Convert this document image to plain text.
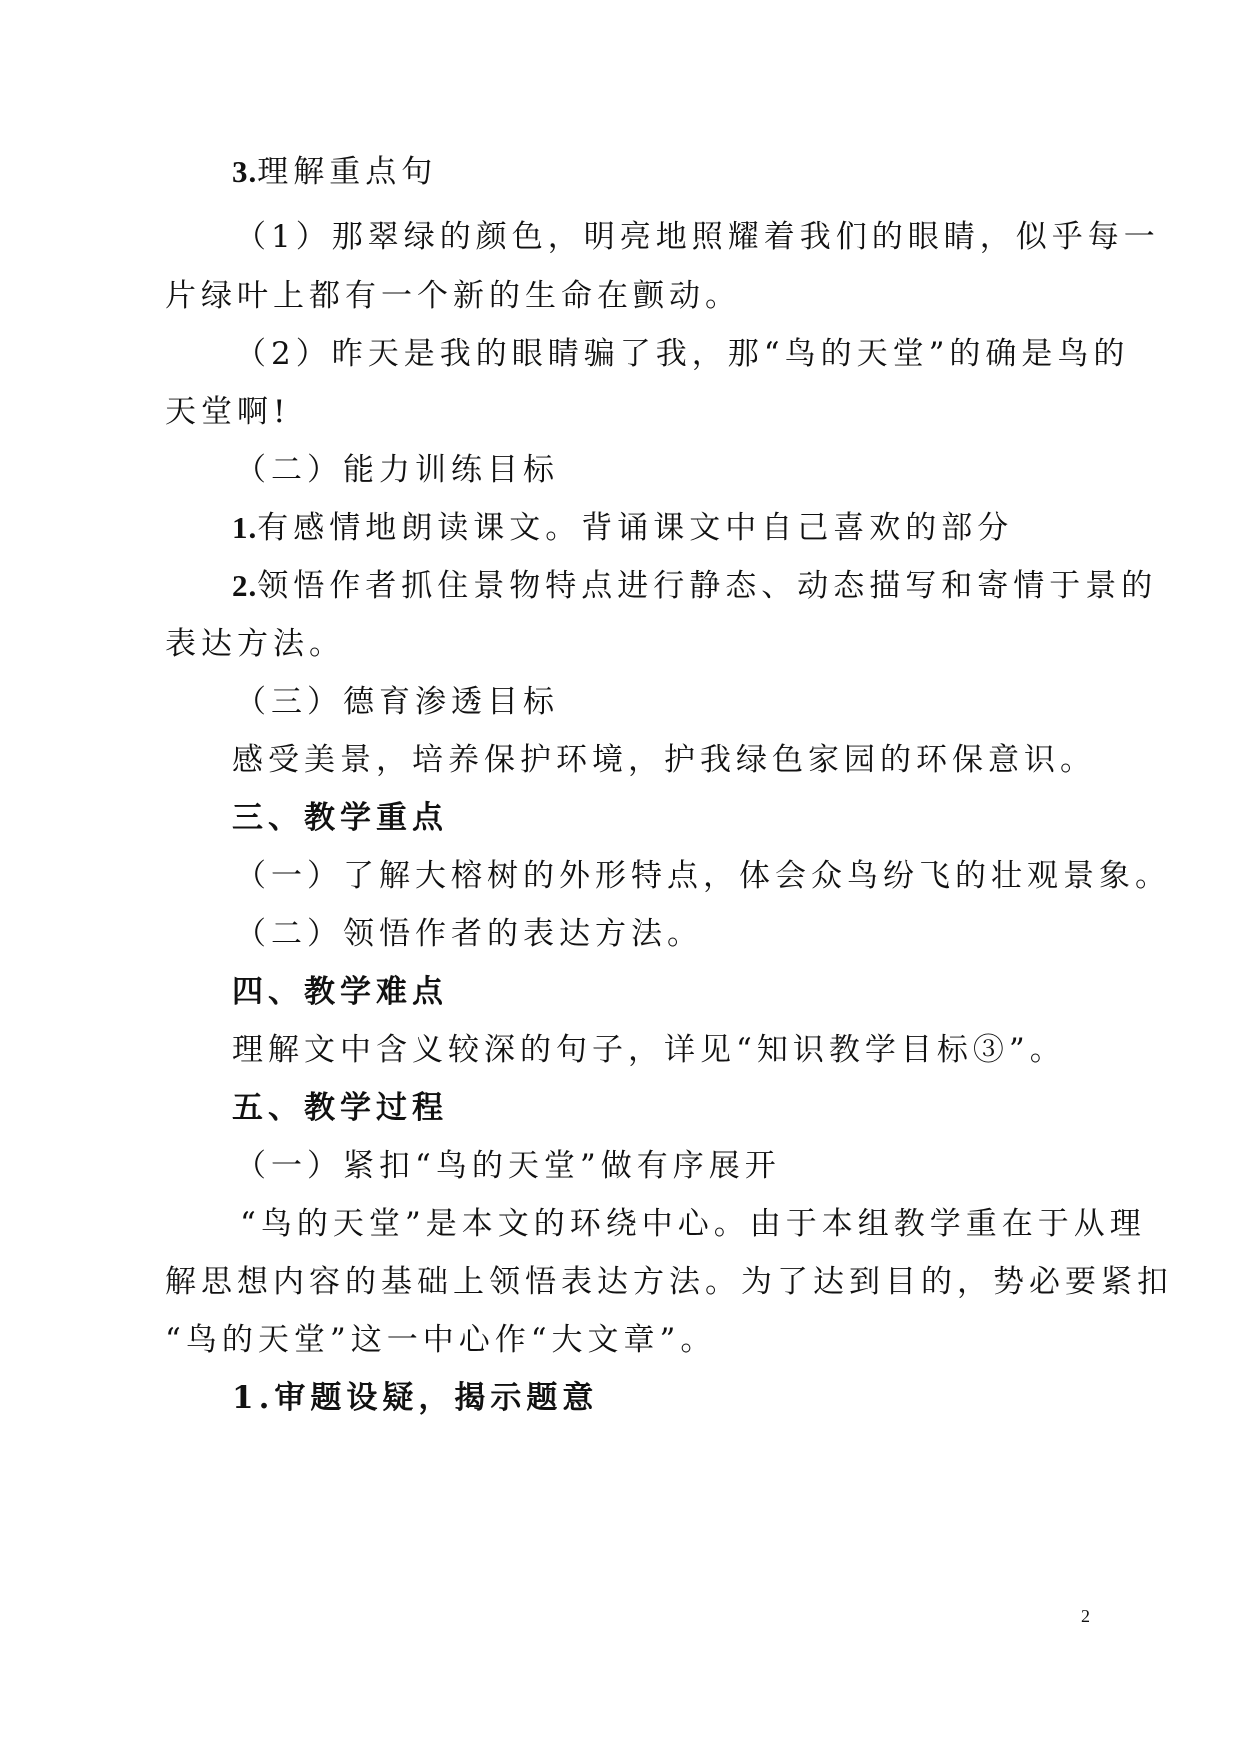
3.理解重点句
（1）那翠绿的颜色，明亮地照耀着我们的眼睛，似乎每一
片绿叶上都有一个新的生命在颤动。
（2）昨天是我的眼睛骗了我，那“鸟的天堂”的确是鸟的
天堂啊!
（二）能力训练目标
1.有感情地朗读课文。背诵课文中自己喜欢的部分
2.领悟作者抓住景物特点进行静态、动态描写和寄情于景的
表达方法。
（三）德育渗透目标
感受美景，培养保护环境，护我绿色家园的环保意识。
三、教学重点
（一）了解大榕树的外形特点，体会众鸟纷飞的壮观景象。
（二）领悟作者的表达方法。
四、教学难点
理解文中含义较深的句子，详见“知识教学目标③”。
五、教学过程
（一）紧扣“鸟的天堂”做有序展开
“鸟的天堂”是本文的环绕中心。由于本组教学重在于从理
解思想内容的基础上领悟表达方法。为了达到目的，势必要紧扣
“鸟的天堂”这一中心作“大文章”。
1.审题设疑，揭示题意
2
